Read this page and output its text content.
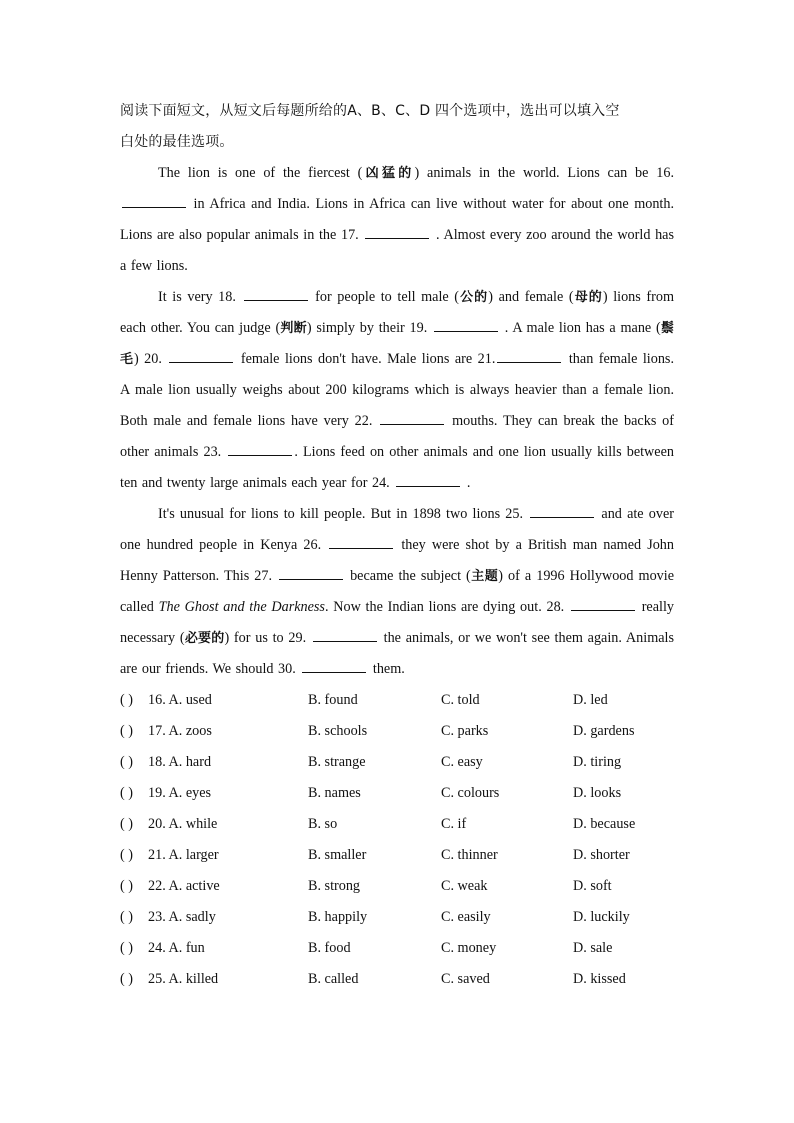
阅读下面短文，从短文后每题所给的A、B、C、D 四个选项中，选出可以填入空
白处的最佳选项。

The lion is one of the fiercest (凶猛的) animals in the world. Lions can be 16. in Africa and India. Lions in Africa can live without water for about one month. Lions are also popular animals in the 17.	. Almost every zoo around the world has a few lions.

It is very 18.	for people to tell male (公的) and female (母的) lions from each other. You can judge (判断) simply by their 19.	. A male lion has a mane (鬃毛) 20.	female lions don't have. Male lions are 21.	than female lions. A male lion usually weighs about 200 kilograms which is always heavier than a female lion. Both male and female lions have very 22.	mouths. They can break the backs of other animals 23.	. Lions feed on other animals and one lion usually kills between ten and twenty large animals each year for 24.	.

It's unusual for lions to kill people. But in 1898 two lions 25.	and ate over one hundred people in Kenya 26.	they were shot by a British man named John Henny Patterson. This 27.	became the subject (主题) of a 1996 Hollywood movie called The Ghost and the Darkness. Now the Indian lions are dying out. 28.	really necessary (必要的) for us to 29.	the animals, or we won't see them again. Animals are our friends. We should 30.	them.

( ) 16. A. used	B. found	C. told	D. led
( ) 17. A. zoos	B. schools	C. parks	D. gardens
( ) 18. A. hard	B. strange	C. easy	D. tiring
( ) 19. A. eyes	B. names	C. colours	D. looks
( ) 20. A. while	B. so	C. if	D. because
( ) 21. A. larger	B. smaller	C. thinner	D. shorter
( ) 22. A. active	B. strong	C. weak	D. soft
( ) 23. A. sadly	B. happily	C. easily	D. luckily
( ) 24. A. fun	B. food	C. money	D. sale
( ) 25. A. killed	B. called	C. saved	D. kissed
